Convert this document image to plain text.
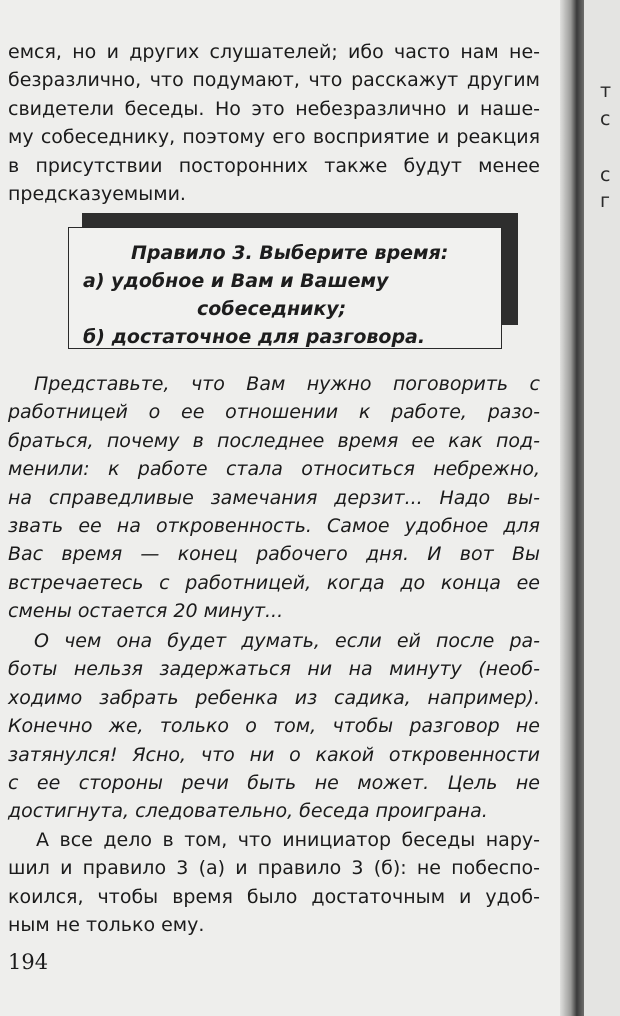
т
с
с
г
емся, но и других слушателей; ибо часто нам не-
безразлично, что подумают, что расскажут другим
свидетели беседы. Но это небезразлично и наше-
му собеседнику, поэтому его восприятие и реакция
в присутствии посторонних также будут менее
предсказуемыми.
Правило 3. Выберите время:
а) удобное и Вам и Вашему
собеседнику;
б) достаточное для разговора.
Представьте, что Вам нужно поговорить с
работницей о ее отношении к работе, разо-
браться, почему в последнее время ее как под-
менили: к работе стала относиться небрежно,
на справедливые замечания дерзит... Надо вы-
звать ее на откровенность. Самое удобное для
Вас время — конец рабочего дня. И вот Вы
встречаетесь с работницей, когда до конца ее
смены остается 20 минут...
О чем она будет думать, если ей после ра-
боты нельзя задержаться ни на минуту (необ-
ходимо забрать ребенка из садика, например).
Конечно же, только о том, чтобы разговор не
затянулся! Ясно, что ни о какой откровенности
с ее стороны речи быть не может. Цель не
достигнута, следовательно, беседа проиграна.
А все дело в том, что инициатор беседы нару-
шил и правило 3 (а) и правило 3 (б): не побеспо-
коился, чтобы время было достаточным и удоб-
ным не только ему.
194
